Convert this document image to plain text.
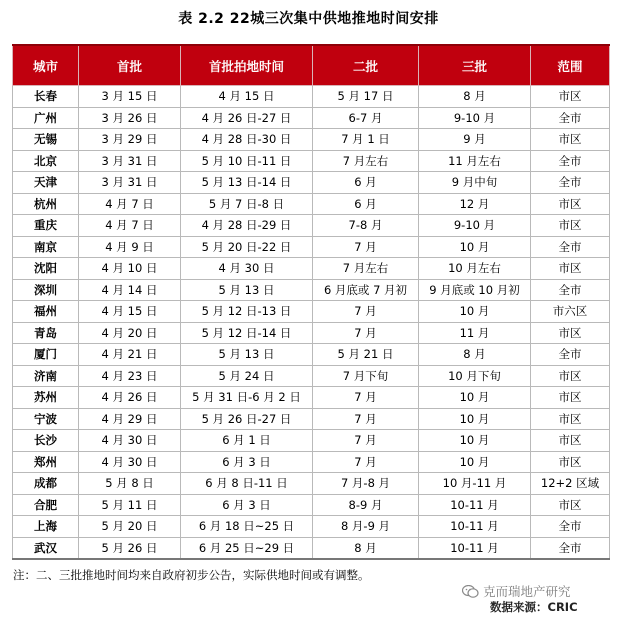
表 2.2 22城三次集中供地推地时间安排
城市	首批	首批拍地时间	二批	三批	范围
长春	3 月 15 日	4 月 15 日	5 月 17 日	8 月	市区
广州	3 月 26 日	4 月 26 日-27 日	6-7 月	9-10 月	全市
无锡	3 月 29 日	4 月 28 日-30 日	7 月 1 日	9 月	市区
北京	3 月 31 日	5 月 10 日-11 日	7 月左右	11 月左右	全市
天津	3 月 31 日	5 月 13 日-14 日	6 月	9 月中旬	全市
杭州	4 月 7 日	5 月 7 日-8 日	6 月	12 月	市区
重庆	4 月 7 日	4 月 28 日-29 日	7-8 月	9-10 月	市区
南京	4 月 9 日	5 月 20 日-22 日	7 月	10 月	全市
沈阳	4 月 10 日	4 月 30 日	7 月左右	10 月左右	市区
深圳	4 月 14 日	5 月 13 日	6 月底或 7 月初	9 月底或 10 月初	全市
福州	4 月 15 日	5 月 12 日-13 日	7 月	10 月	市六区
青岛	4 月 20 日	5 月 12 日-14 日	7 月	11 月	市区
厦门	4 月 21 日	5 月 13 日	5 月 21 日	8 月	全市
济南	4 月 23 日	5 月 24 日	7 月下旬	10 月下旬	市区
苏州	4 月 26 日	5 月 31 日-6 月 2 日	7 月	10 月	市区
宁波	4 月 29 日	5 月 26 日-27 日	7 月	10 月	市区
长沙	4 月 30 日	6 月 1 日	7 月	10 月	市区
郑州	4 月 30 日	6 月 3 日	7 月	10 月	市区
成都	5 月 8 日	6 月 8 日-11 日	7 月-8 月	10 月-11 月	12+2 区域
合肥	5 月 11 日	6 月 3 日	8-9 月	10-11 月	市区
上海	5 月 20 日	6 月 18 日~25 日	8 月-9 月	10-11 月	全市
武汉	5 月 26 日	6 月 25 日~29 日	8 月	10-11 月	全市
注：二、三批推地时间均来自政府初步公告，实际供地时间或有调整。
克而瑞地产研究
数据来源：CRIC
